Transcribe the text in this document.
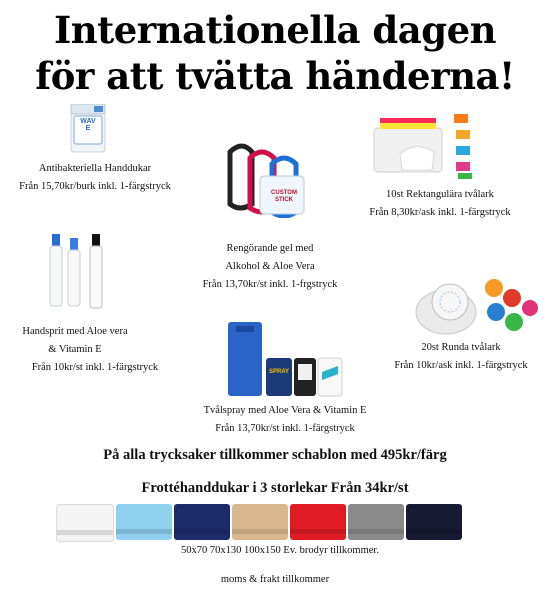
Internationella dagen
för att tvätta händerna!
WAVE
Antibakteriella Handdukar
Från 15,70kr/burk inkl. 1-färgstryck
10st Rektangulära tvålark
Från 8,30kr/ask inkl. 1-färgstryck
CUSTOM
STICK
Rengörande gel med
Alkohol & Aloe Vera
Från 13,70kr/st inkl. 1-frgstryck
Handsprit med Aloe vera
& Vitamin E
Från 10kr/st inkl. 1-färgstryck
20st Runda tvålark
Från 10kr/ask inkl. 1-färgstryck
SPRAY
Tvålspray med Aloe Vera & Vitamin E
Från 13,70kr/st inkl. 1-färgstryck
På alla trycksaker tillkommer schablon med 495kr/färg
Frottéhanddukar i 3 storlekar Från 34kr/st
50x70 70x130 100x150 Ev. brodyr tillkommer.
moms & frakt tillkommer
